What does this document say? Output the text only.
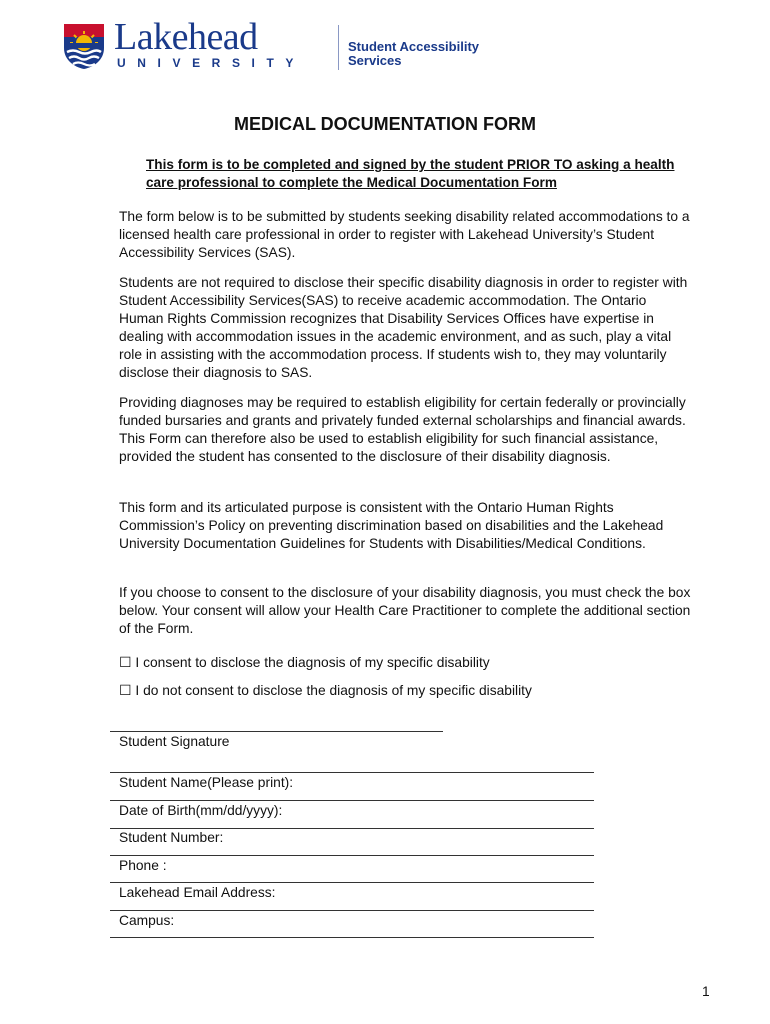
Lakehead
UNIVERSITY
Student Accessibility
Services
MEDICAL DOCUMENTATION FORM

This form is to be completed and signed by the student PRIOR TO asking a health care professional to complete the Medical Documentation Form

The form below is to be submitted by students seeking disability related accommodations to a licensed health care professional in order to register with Lakehead University’s Student Accessibility Services (SAS).

Students are not required to disclose their specific disability diagnosis in order to register with Student Accessibility Services(SAS) to receive academic accommodation. The Ontario Human Rights Commission recognizes that Disability Services Offices have expertise in dealing with accommodation issues in the academic environment, and as such, play a vital role in assisting with the accommodation process. If students wish to, they may voluntarily disclose their diagnosis to SAS.

Providing diagnoses may be required to establish eligibility for certain federally or provincially funded bursaries and grants and privately funded external scholarships and financial awards. This Form can therefore also be used to establish eligibility for such financial assistance, provided the student has consented to the disclosure of their disability diagnosis.

This form and its articulated purpose is consistent with the Ontario Human Rights Commission’s Policy on preventing discrimination based on disabilities and the Lakehead University Documentation Guidelines for Students with Disabilities/Medical Conditions.

If you choose to consent to the disclosure of your disability diagnosis, you must check the box below. Your consent will allow your Health Care Practitioner to complete the additional section of the Form.

☐ I consent to disclose the diagnosis of my specific disability
☐ I do not consent to disclose the diagnosis of my specific disability
Student Signature
Student Name(Please print):
Date of Birth(mm/dd/yyyy):
Student Number:
Phone :
Lakehead Email Address:
Campus:
1
